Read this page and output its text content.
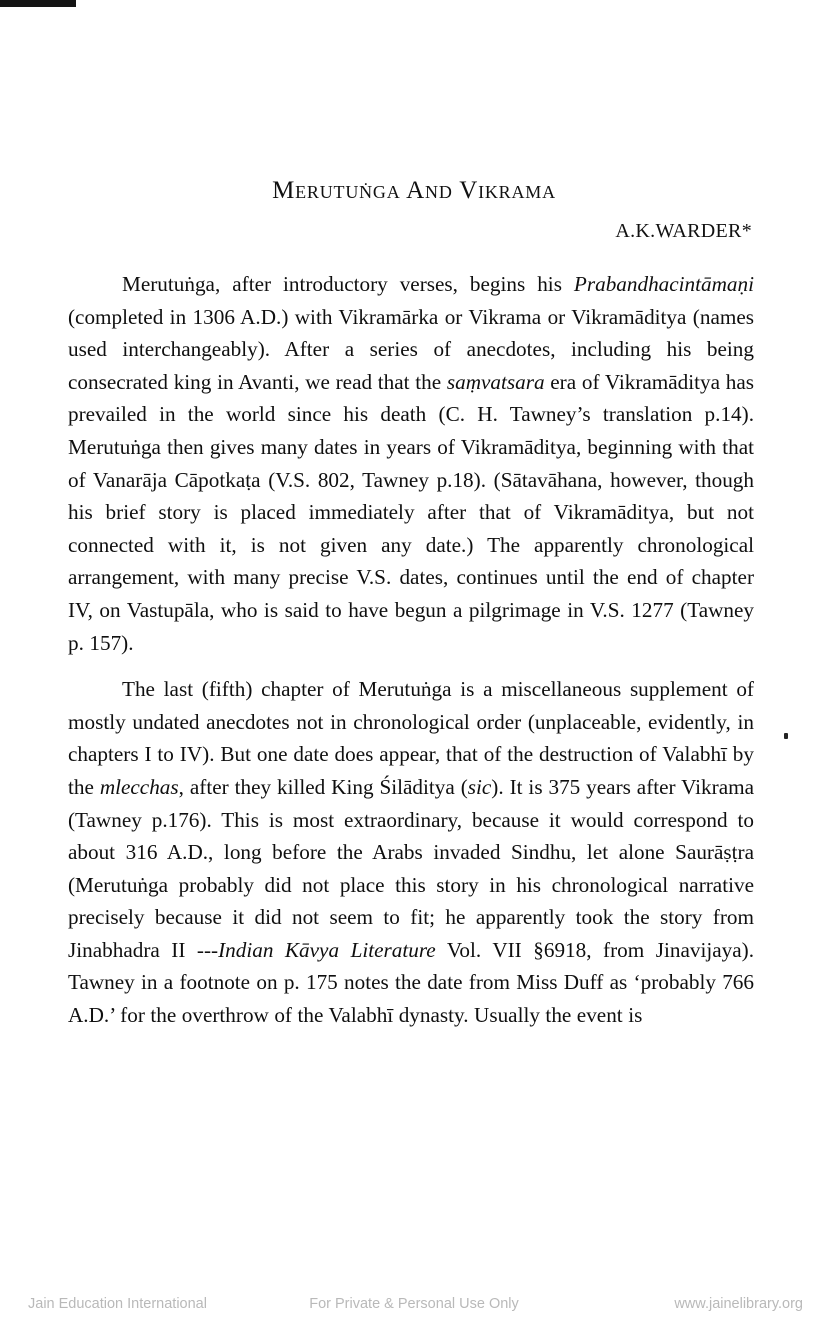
Merutuṅga And Vikrama
A.K.WARDER*

Merutuṅga, after introductory verses, begins his Prabandhacintāmaṇi (completed in 1306 A.D.) with Vikramārka or Vikrama or Vikramāditya (names used interchangeably). After a series of anecdotes, including his being consecrated king in Avanti, we read that the saṃvatsara era of Vikramāditya has prevailed in the world since his death (C. H. Tawney’s translation p.14). Merutuṅga then gives many dates in years of Vikramāditya, beginning with that of Vanarāja Cāpotkaṭa (V.S. 802, Tawney p.18). (Sātavāhana, however, though his brief story is placed immediately after that of Vikramāditya, but not connected with it, is not given any date.) The apparently chronological arrangement, with many precise V.S. dates, continues until the end of chapter IV, on Vastupāla, who is said to have begun a pilgrimage in V.S. 1277 (Tawney p. 157).

The last (fifth) chapter of Merutuṅga is a miscellaneous supplement of mostly undated anecdotes not in chronological order (unplaceable, evidently, in chapters I to IV). But one date does appear, that of the destruction of Valabhī by the mlecchas, after they killed King Śilāditya (sic). It is 375 years after Vikrama (Tawney p.176). This is most extraordinary, because it would correspond to about 316 A.D., long before the Arabs invaded Sindhu, let alone Saurāṣṭra (Merutuṅga probably did not place this story in his chronological narrative precisely because it did not seem to fit; he apparently took the story from Jinabhadra II ---Indian Kāvya Literature Vol. VII §6918, from Jinavijaya). Tawney in a footnote on p. 175 notes the date from Miss Duff as ‘probably 766 A.D.’ for the overthrow of the Valabhī dynasty. Usually the event is

Jain Education International	For Private & Personal Use Only	www.jainelibrary.org
